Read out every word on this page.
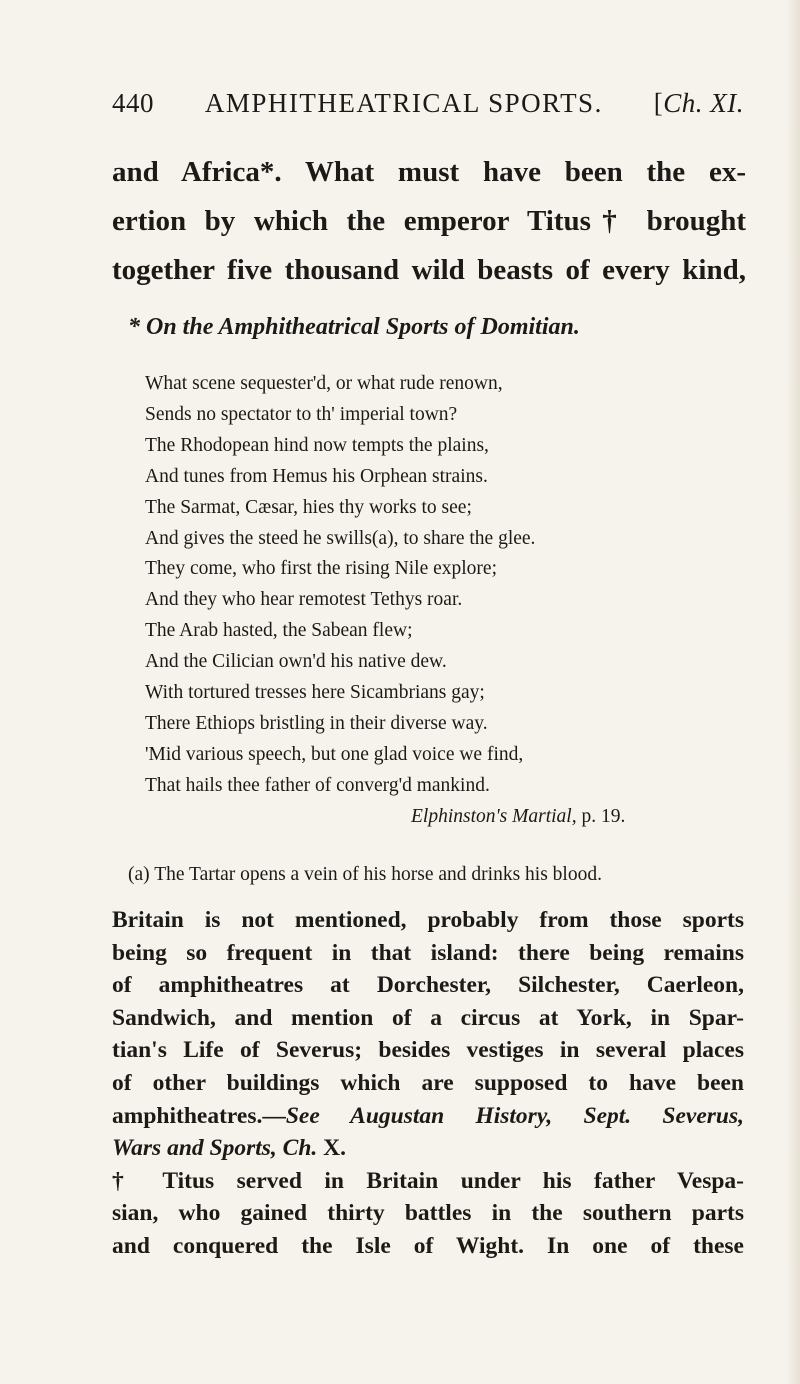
440 AMPHITHEATRICAL SPORTS. [Ch. XI.
and Africa*. What must have been the ex-
ertion by which the emperor Titus† brought
together five thousand wild beasts of every kind,
* On the Amphitheatrical Sports of Domitian.
What scene sequester'd, or what rude renown,
Sends no spectator to th' imperial town?
The Rhodopean hind now tempts the plains,
And tunes from Hemus his Orphean strains.
The Sarmat, Cæsar, hies thy works to see;
And gives the steed he swills(a), to share the glee.
They come, who first the rising Nile explore;
And they who hear remotest Tethys roar.
The Arab hasted, the Sabean flew;
And the Cilician own'd his native dew.
With tortured tresses here Sicambrians gay;
There Ethiops bristling in their diverse way.
'Mid various speech, but one glad voice we find,
That hails thee father of converg'd mankind.
Elphinston's Martial, p. 19.
(a) The Tartar opens a vein of his horse and drinks his blood.
Britain is not mentioned, probably from those sports
being so frequent in that island: there being remains
of amphitheatres at Dorchester, Silchester, Caerleon,
Sandwich, and mention of a circus at York, in Spar-
tian's Life of Severus; besides vestiges in several places
of other buildings which are supposed to have been
amphitheatres.—See Augustan History, Sept. Severus,
Wars and Sports, Ch. X.
† Titus served in Britain under his father Vespa-
sian, who gained thirty battles in the southern parts
and conquered the Isle of Wight. In one of these
